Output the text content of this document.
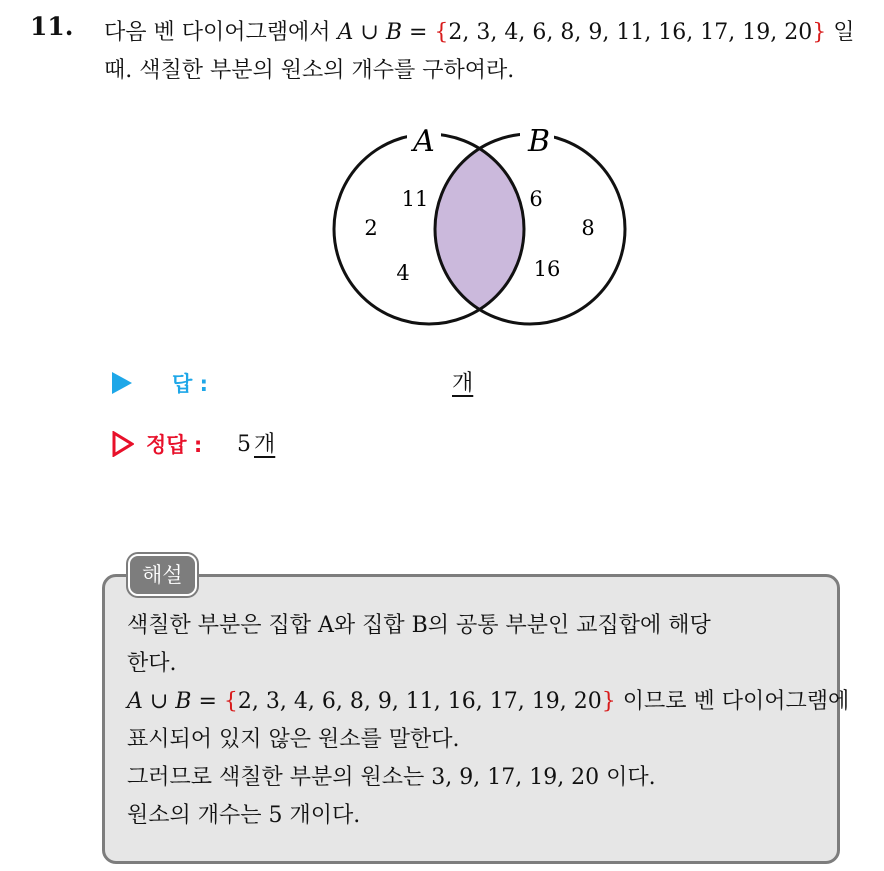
11. 다음 벤 다이어그램에서 A ∪ B = {2, 3, 4, 6, 8, 9, 11, 16, 17, 19, 20} 일
때. 색칠한 부분의 원소의 개수를 구하여라.
A	B
11
2
4
6
8
16
답 :	개
정답 : 5 개
해설
색칠한 부분은 집합 A와 집합 B의 공통 부분인 교집합에 해당
한다.
A ∪ B = {2, 3, 4, 6, 8, 9, 11, 16, 17, 19, 20} 이므로 벤 다이어그램에
표시되어 있지 않은 원소를 말한다.
그러므로 색칠한 부분의 원소는 3, 9, 17, 19, 20 이다.
원소의 개수는 5 개이다.
